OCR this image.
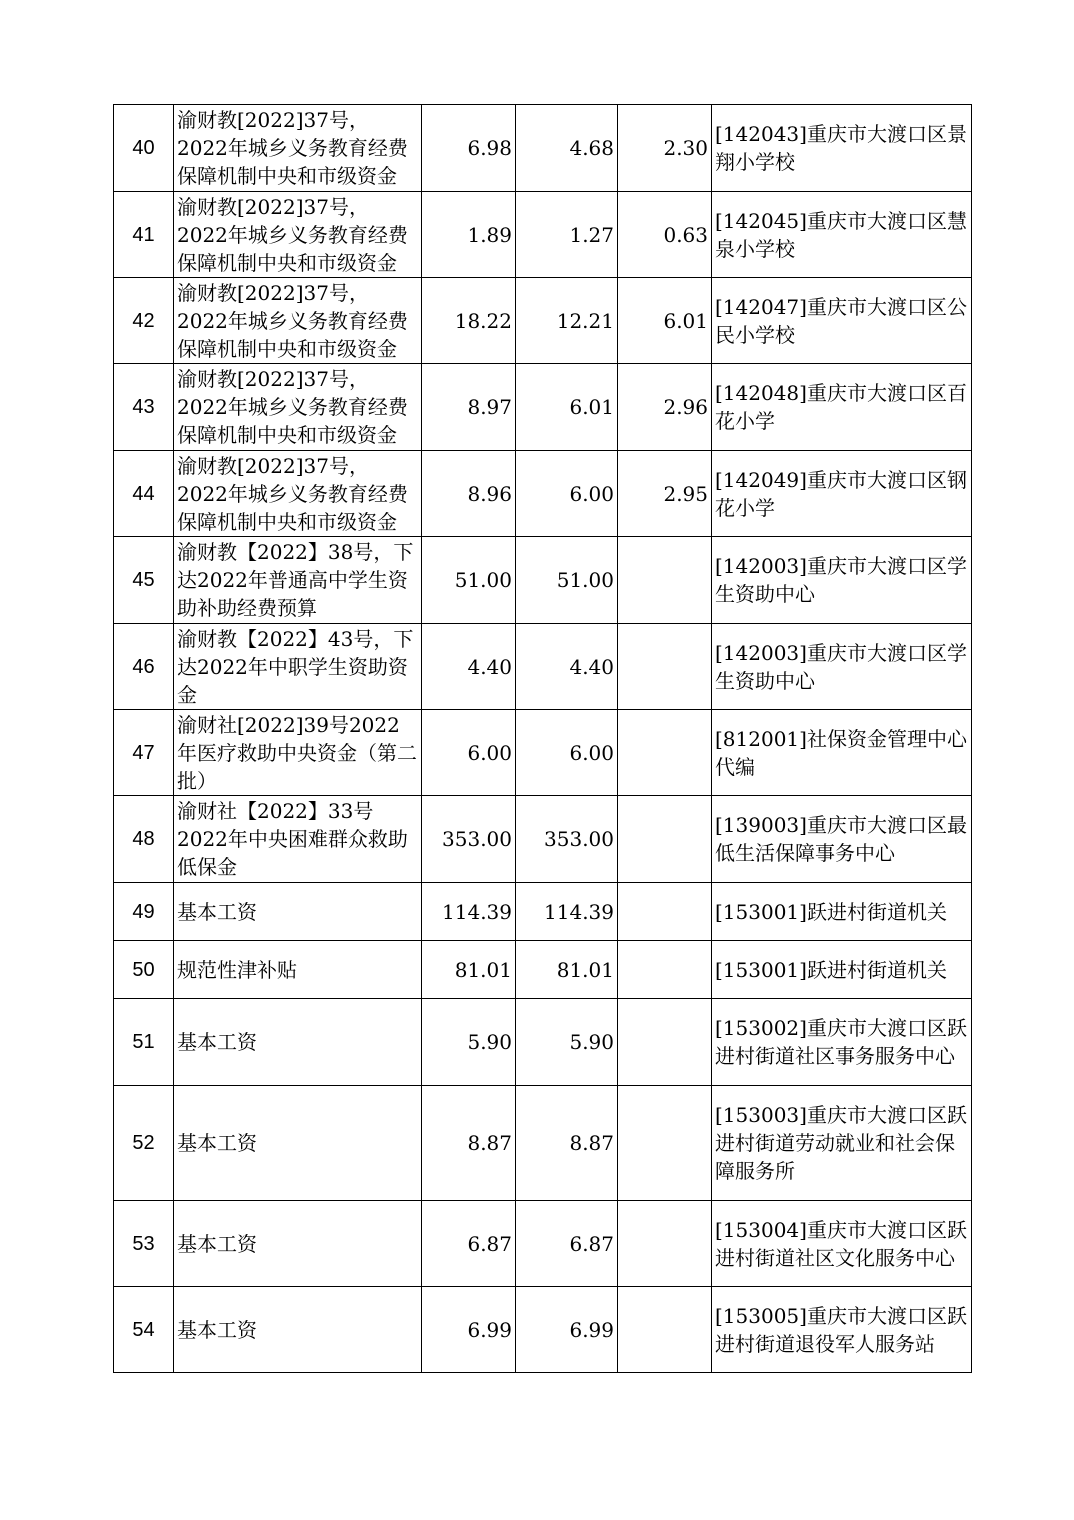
40	渝财教[2022]37号，2022年城乡义务教育经费保障机制中央和市级资金	6.98	4.68	2.30	[142043]重庆市大渡口区景翔小学校
41	渝财教[2022]37号，2022年城乡义务教育经费保障机制中央和市级资金	1.89	1.27	0.63	[142045]重庆市大渡口区慧泉小学校
42	渝财教[2022]37号，2022年城乡义务教育经费保障机制中央和市级资金	18.22	12.21	6.01	[142047]重庆市大渡口区公民小学校
43	渝财教[2022]37号，2022年城乡义务教育经费保障机制中央和市级资金	8.97	6.01	2.96	[142048]重庆市大渡口区百花小学
44	渝财教[2022]37号，2022年城乡义务教育经费保障机制中央和市级资金	8.96	6.00	2.95	[142049]重庆市大渡口区钢花小学
45	渝财教【2022】38号，下达2022年普通高中学生资助补助经费预算	51.00	51.00		[142003]重庆市大渡口区学生资助中心
46	渝财教【2022】43号，下达2022年中职学生资助资金	4.40	4.40		[142003]重庆市大渡口区学生资助中心
47	渝财社[2022]39号2022年医疗救助中央资金（第二批）	6.00	6.00		[812001]社保资金管理中心代编
48	渝财社【2022】33号2022年中央困难群众救助低保金	353.00	353.00		[139003]重庆市大渡口区最低生活保障事务中心
49	基本工资	114.39	114.39		[153001]跃进村街道机关
50	规范性津补贴	81.01	81.01		[153001]跃进村街道机关
51	基本工资	5.90	5.90		[153002]重庆市大渡口区跃进村街道社区事务服务中心
52	基本工资	8.87	8.87		[153003]重庆市大渡口区跃进村街道劳动就业和社会保障服务所
53	基本工资	6.87	6.87		[153004]重庆市大渡口区跃进村街道社区文化服务中心
54	基本工资	6.99	6.99		[153005]重庆市大渡口区跃进村街道退役军人服务站
